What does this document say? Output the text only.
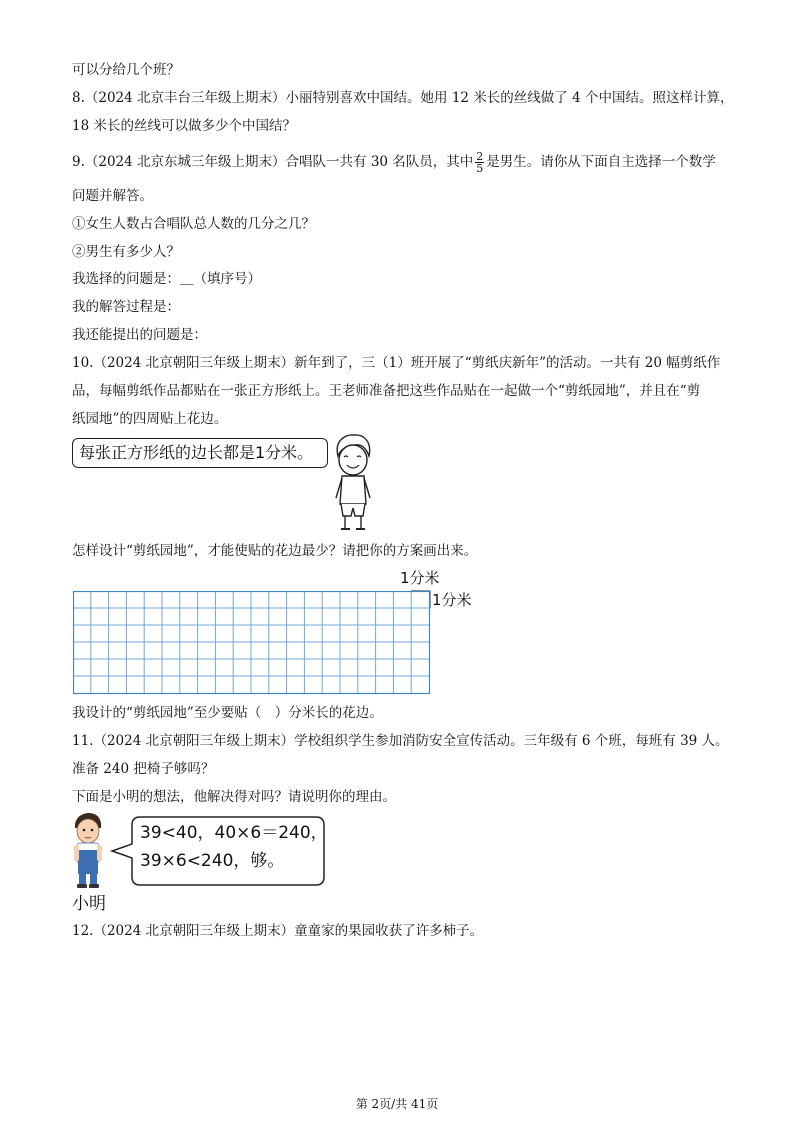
可以分给几个班？
8.（2024 北京丰台三年级上期末）小丽特别喜欢中国结。她用 12 米长的丝线做了 4 个中国结。照这样计算，
18 米长的丝线可以做多少个中国结？
9.（2024 北京东城三年级上期末）合唱队一共有 30 名队员，其中 $\frac{2}{5}$ 是男生。请你从下面自主选择一个数学
问题并解答。
①女生人数占合唱队总人数的几分之几？
②男生有多少人？
我选择的问题是：＿（填序号）
我的解答过程是：
我还能提出的问题是：
10.（2024 北京朝阳三年级上期末）新年到了，三（1）班开展了“剪纸庆新年”的活动。一共有 20 幅剪纸作
品，每幅剪纸作品都贴在一张正方形纸上。王老师准备把这些作品贴在一起做一个“剪纸园地”，并且在“剪
纸园地”的四周贴上花边。
每张正方形纸的边长都是1分米。
怎样设计“剪纸园地”，才能使贴的花边最少？请把你的方案画出来。
1分米
1分米
我设计的“剪纸园地”至少要贴（　）分米长的花边。
11.（2024 北京朝阳三年级上期末）学校组织学生参加消防安全宣传活动。三年级有 6 个班，每班有 39 人。
准备 240 把椅子够吗？
下面是小明的想法，他解决得对吗？请说明你的理由。
39<40，40×6＝240，
39×6<240，够。
小明
12.（2024 北京朝阳三年级上期末）童童家的果园收获了许多柿子。
第 2页/共 41页
